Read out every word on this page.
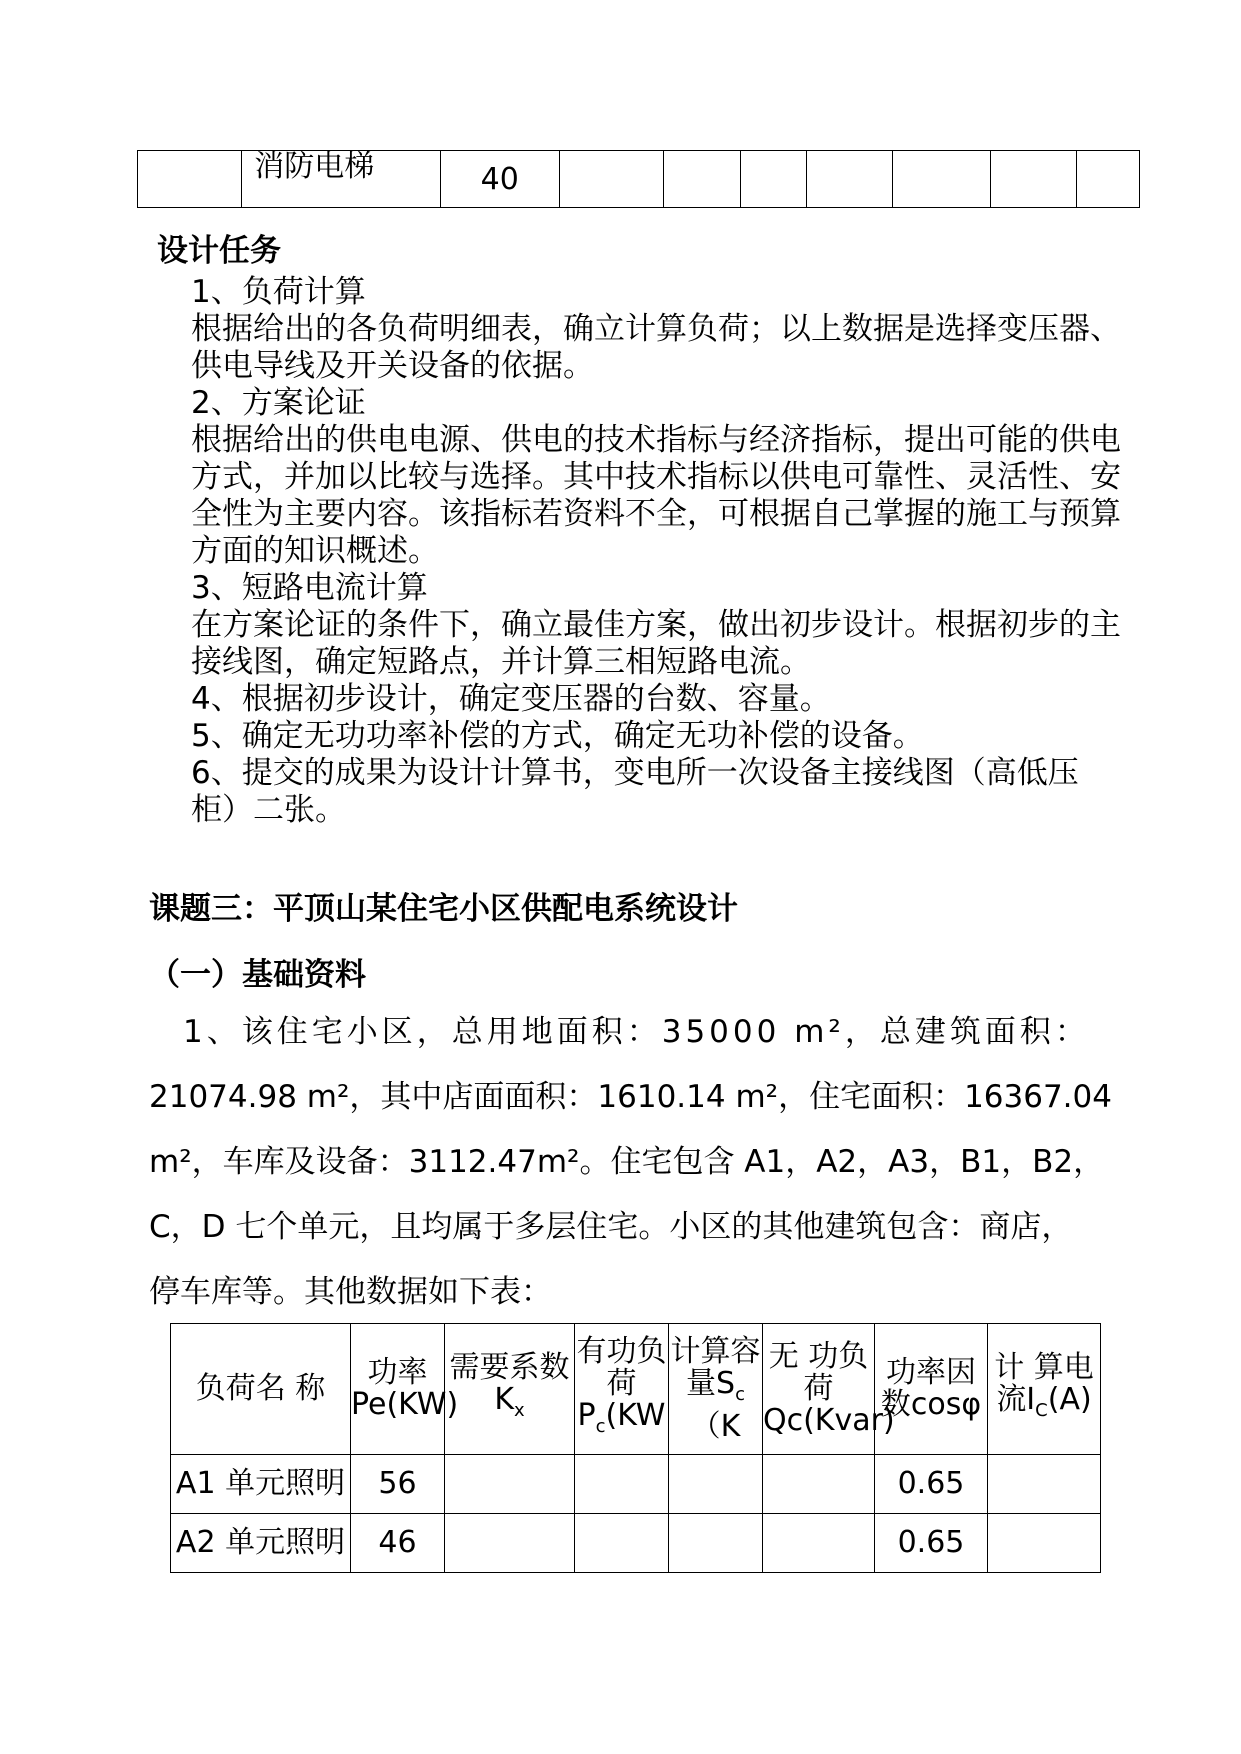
	消防电梯	40							
设计任务
1、负荷计算
根据给出的各负荷明细表，确立计算负荷；以上数据是选择变压器、供电导线及开关设备的依据。
2、方案论证
根据给出的供电电源、供电的技术指标与经济指标，提出可能的供电方式，并加以比较与选择。其中技术指标以供电可靠性、灵活性、安全性为主要内容。该指标若资料不全，可根据自己掌握的施工与预算方面的知识概述。
3、短路电流计算
在方案论证的条件下，确立最佳方案，做出初步设计。根据初步的主接线图，确定短路点，并计算三相短路电流。
4、根据初步设计，确定变压器的台数、容量。
5、确定无功功率补偿的方式，确定无功补偿的设备。
6、提交的成果为设计计算书，变电所一次设备主接线图（高低压柜）二张。
课题三：平顶山某住宅小区供配电系统设计
（一）基础资料
1、该住宅小区，总用地面积：35000 m²，总建筑面积：
21074.98 m²，其中店面面积：1610.14 m²，住宅面积：16367.04
m²，车库及设备：3112.47m²。住宅包含 A1，A2，A3，B1，B2，
C，D 七个单元，且均属于多层住宅。小区的其他建筑包含：商店，
停车库等。其他数据如下表：
负荷名 称	功率Pe(KW)	需要系数 $K_x$	有功负荷$P_c(KW$	计算容量$S_c(K$	无 功负荷Qc(Kvar)	功率因数cosφ	计 算电 流$I_C(A)$

A1 单元照明	56					0.65	
A2 单元照明	46					0.65	
